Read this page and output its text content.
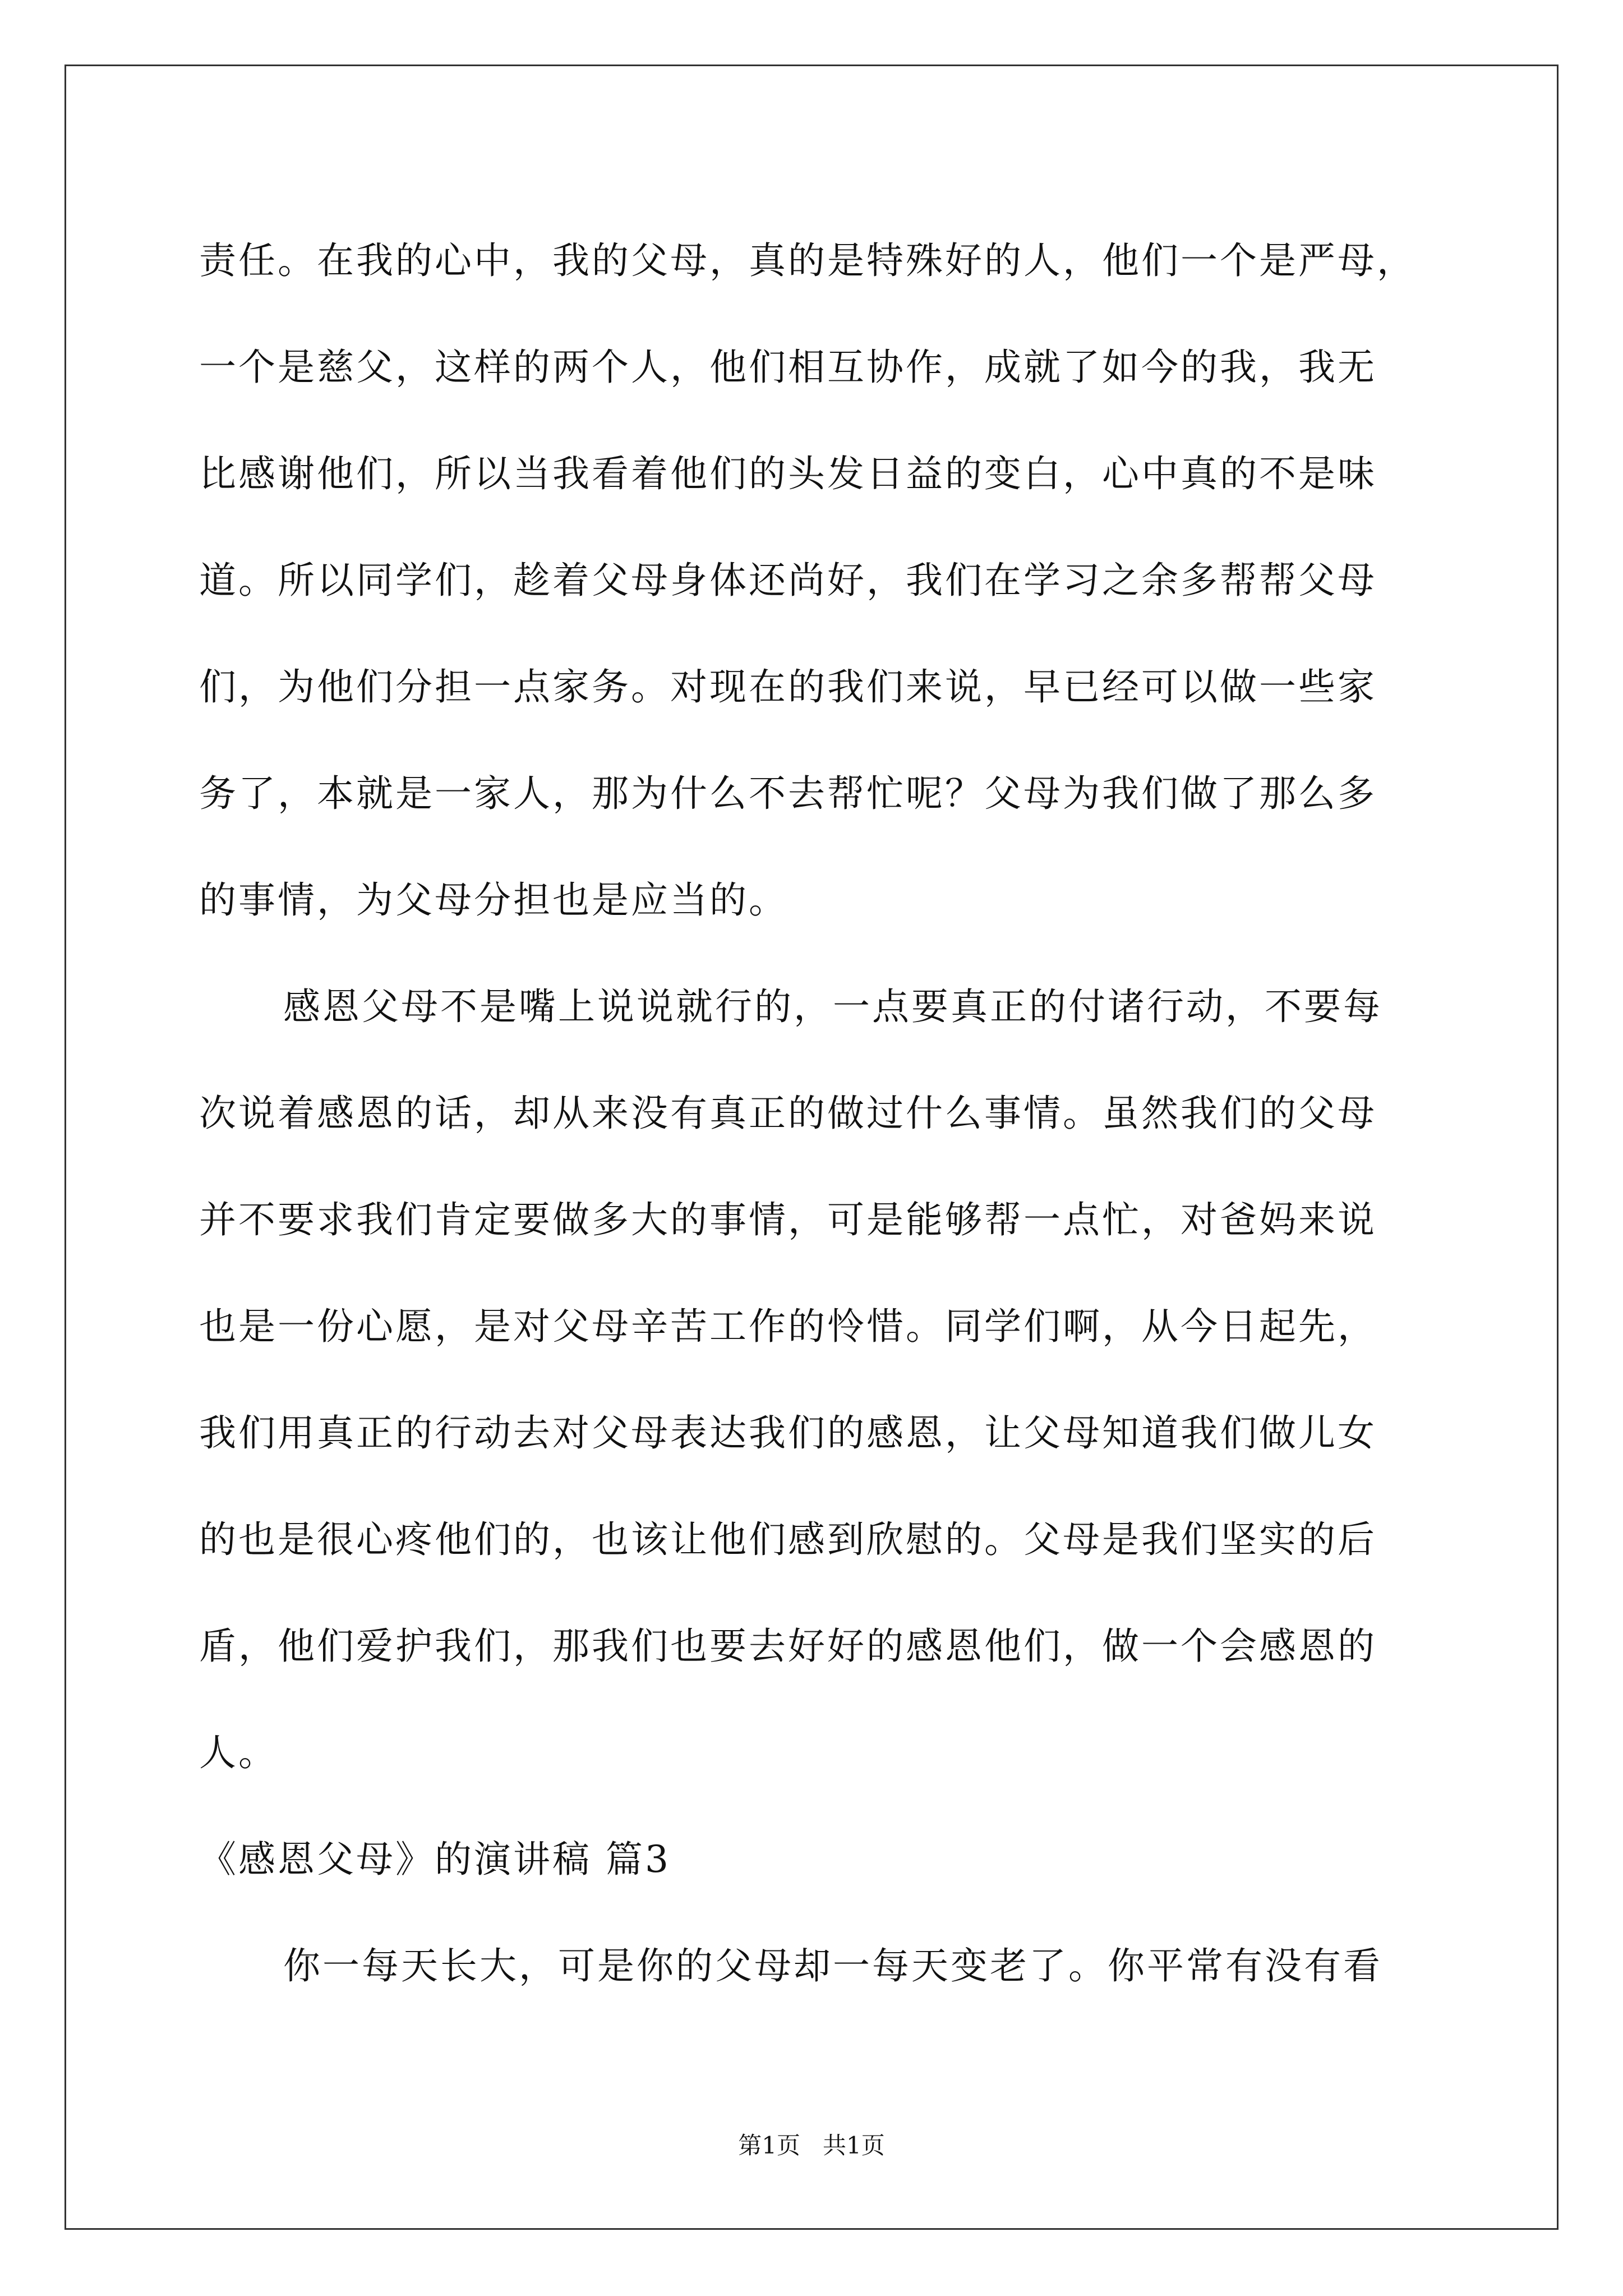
责任。在我的心中，我的父母，真的是特殊好的人，他们一个是严母，
一个是慈父，这样的两个人，他们相互协作，成就了如今的我，我无
比感谢他们，所以当我看着他们的头发日益的变白，心中真的不是味
道。所以同学们，趁着父母身体还尚好，我们在学习之余多帮帮父母
们，为他们分担一点家务。对现在的我们来说，早已经可以做一些家
务了，本就是一家人，那为什么不去帮忙呢？父母为我们做了那么多
的事情，为父母分担也是应当的。
感恩父母不是嘴上说说就行的，一点要真正的付诸行动，不要每
次说着感恩的话，却从来没有真正的做过什么事情。虽然我们的父母
并不要求我们肯定要做多大的事情，可是能够帮一点忙，对爸妈来说
也是一份心愿，是对父母辛苦工作的怜惜。同学们啊，从今日起先，
我们用真正的行动去对父母表达我们的感恩，让父母知道我们做儿女
的也是很心疼他们的，也该让他们感到欣慰的。父母是我们坚实的后
盾，他们爱护我们，那我们也要去好好的感恩他们，做一个会感恩的
人。
《感恩父母》的演讲稿 篇3
你一每天长大，可是你的父母却一每天变老了。你平常有没有看
第1页   共1页
